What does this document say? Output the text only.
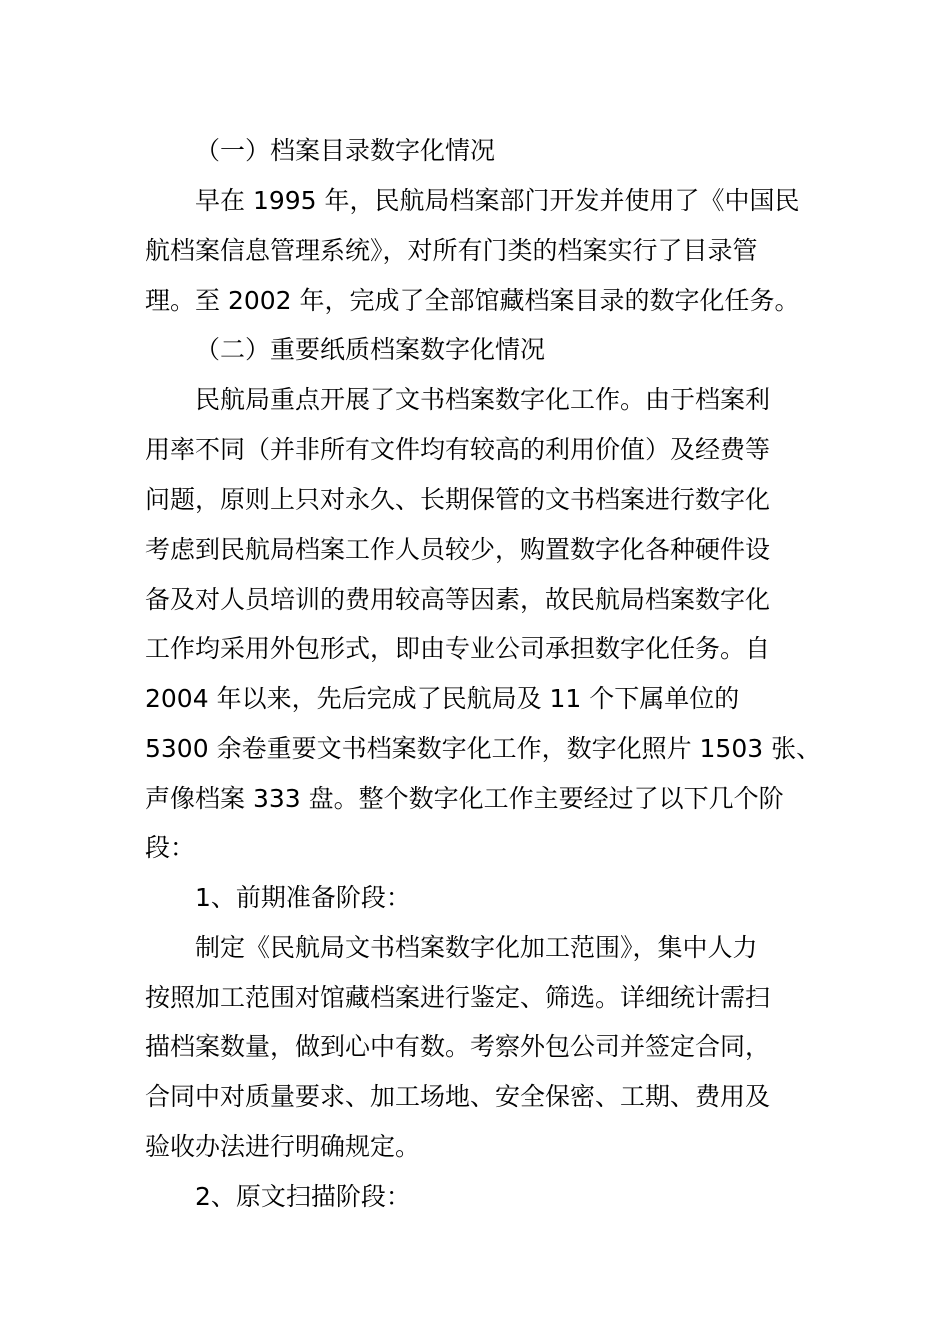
（一）档案目录数字化情况
早在 1995 年，民航局档案部门开发并使用了《中国民
航档案信息管理系统》，对所有门类的档案实行了目录管
理。至 2002 年，完成了全部馆藏档案目录的数字化任务。
（二）重要纸质档案数字化情况
民航局重点开展了文书档案数字化工作。由于档案利
用率不同（并非所有文件均有较高的利用价值）及经费等
问题，原则上只对永久、长期保管的文书档案进行数字化
考虑到民航局档案工作人员较少，购置数字化各种硬件设
备及对人员培训的费用较高等因素，故民航局档案数字化
工作均采用外包形式，即由专业公司承担数字化任务。自
2004 年以来，先后完成了民航局及 11 个下属单位的
5300 余卷重要文书档案数字化工作，数字化照片 1503 张、
声像档案 333 盘。整个数字化工作主要经过了以下几个阶
段：
1、前期准备阶段：
制定《民航局文书档案数字化加工范围》，集中人力
按照加工范围对馆藏档案进行鉴定、筛选。详细统计需扫
描档案数量，做到心中有数。考察外包公司并签定合同，
合同中对质量要求、加工场地、安全保密、工期、费用及
验收办法进行明确规定。
2、原文扫描阶段：
